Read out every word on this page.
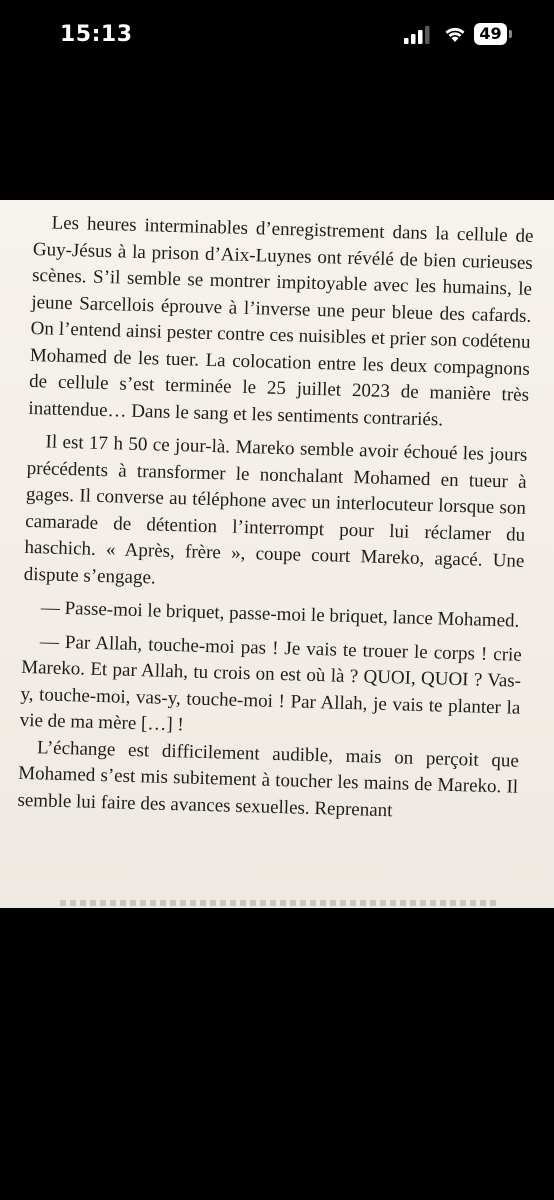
15:13	49

Les heures interminables d’enregistrement dans la cellule de Guy-Jésus à la prison d’Aix-Luynes ont révélé de bien curieuses scènes. S’il semble se montrer impitoyable avec les humains, le jeune Sarcellois éprouve à l’inverse une peur bleue des cafards. On l’entend ainsi pester contre ces nuisibles et prier son codétenu Mohamed de les tuer. La colocation entre les deux compagnons de cellule s’est terminée le 25 juillet 2023 de manière très inattendue… Dans le sang et les sentiments contrariés.

Il est 17 h 50 ce jour-là. Mareko semble avoir échoué les jours précédents à transformer le nonchalant Mohamed en tueur à gages. Il converse au téléphone avec un interlocuteur lorsque son camarade de détention l’interrompt pour lui réclamer du haschich. « Après, frère », coupe court Mareko, agacé. Une dispute s’engage.

— Passe-moi le briquet, passe-moi le briquet, lance Mohamed.

— Par Allah, touche-moi pas ! Je vais te trouer le corps ! crie Mareko. Et par Allah, tu crois on est où là ? QUOI, QUOI ? Vas-y, touche-moi, vas-y, touche-moi ! Par Allah, je vais te planter la vie de ma mère […] !

L’échange est difficilement audible, mais on perçoit que Mohamed s’est mis subitement à toucher les mains de Mareko. Il semble lui faire des avances sexuelles. Reprenant
